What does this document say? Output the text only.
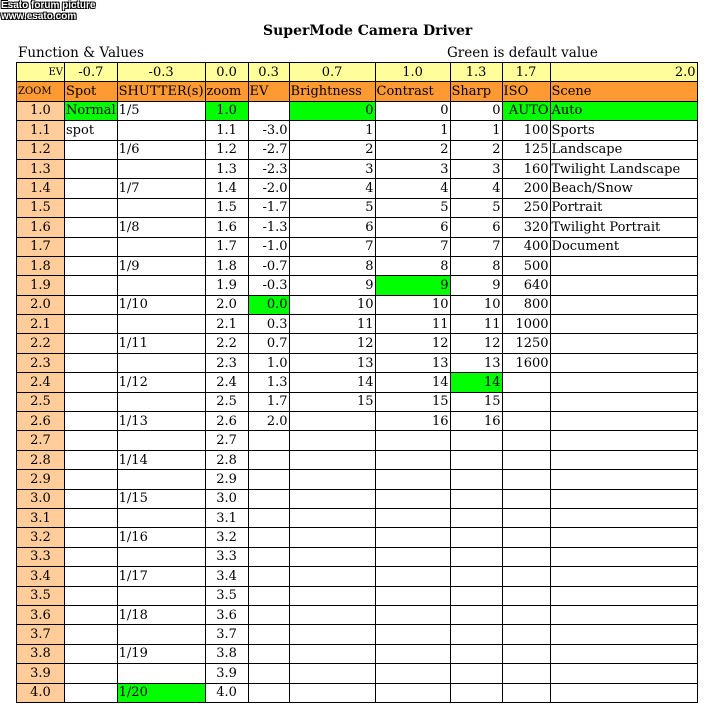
Esato forum picture
www.esato.com
SuperMode Camera Driver
Function & Values	Green is default value
EV	-0.7	-0.3	0.0	0.3	0.7	1.0	1.3	1.7	2.0
ZOOM	Spot	SHUTTER(s)	zoom	EV	Brightness	Contrast	Sharp	ISO	Scene
1.0	Normal	1/5	1.0		0	0	0	AUTO	Auto
1.1	spot		1.1	-3.0	1	1	1	100	Sports
1.2		1/6	1.2	-2.7	2	2	2	125	Landscape
1.3			1.3	-2.3	3	3	3	160	Twilight Landscape
1.4		1/7	1.4	-2.0	4	4	4	200	Beach/Snow
1.5			1.5	-1.7	5	5	5	250	Portrait
1.6		1/8	1.6	-1.3	6	6	6	320	Twilight Portrait
1.7			1.7	-1.0	7	7	7	400	Document
1.8		1/9	1.8	-0.7	8	8	8	500	
1.9			1.9	-0.3	9	9	9	640	
2.0		1/10	2.0	0.0	10	10	10	800	
2.1			2.1	0.3	11	11	11	1000	
2.2		1/11	2.2	0.7	12	12	12	1250	
2.3			2.3	1.0	13	13	13	1600	
2.4		1/12	2.4	1.3	14	14	14		
2.5			2.5	1.7	15	15	15		
2.6		1/13	2.6	2.0		16	16		
2.7			2.7						
2.8		1/14	2.8						
2.9			2.9						
3.0		1/15	3.0						
3.1			3.1						
3.2		1/16	3.2						
3.3			3.3						
3.4		1/17	3.4						
3.5			3.5						
3.6		1/18	3.6						
3.7			3.7						
3.8		1/19	3.8						
3.9			3.9						
4.0		1/20	4.0						
